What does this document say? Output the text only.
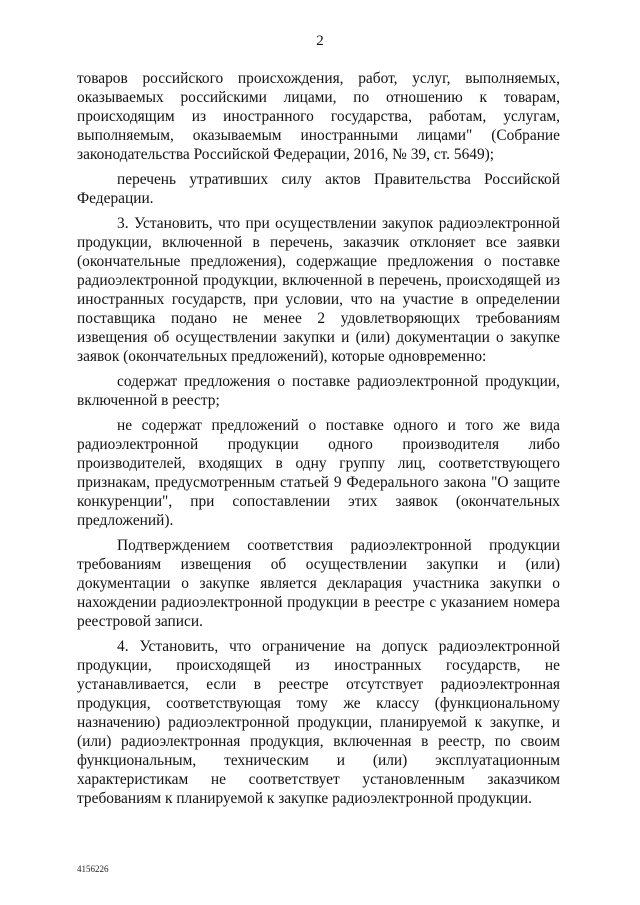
2

товаров российского происхождения, работ, услуг, выполняемых, оказываемых российскими лицами, по отношению к товарам, происходящим из иностранного государства, работам, услугам, выполняемым, оказываемым иностранными лицами" (Собрание законодательства Российской Федерации, 2016, № 39, ст. 5649);

перечень утративших силу актов Правительства Российской Федерации.

3. Установить, что при осуществлении закупок радиоэлектронной продукции, включенной в перечень, заказчик отклоняет все заявки (окончательные предложения), содержащие предложения о поставке радиоэлектронной продукции, включенной в перечень, происходящей из иностранных государств, при условии, что на участие в определении поставщика подано не менее 2 удовлетворяющих требованиям извещения об осуществлении закупки и (или) документации о закупке заявок (окончательных предложений), которые одновременно:

содержат предложения о поставке радиоэлектронной продукции, включенной в реестр;

не содержат предложений о поставке одного и того же вида радиоэлектронной продукции одного производителя либо производителей, входящих в одну группу лиц, соответствующего признакам, предусмотренным статьей 9 Федерального закона "О защите конкуренции", при сопоставлении этих заявок (окончательных предложений).

Подтверждением соответствия радиоэлектронной продукции требованиям извещения об осуществлении закупки и (или) документации о закупке является декларация участника закупки о нахождении радиоэлектронной продукции в реестре с указанием номера реестровой записи.

4. Установить, что ограничение на допуск радиоэлектронной продукции, происходящей из иностранных государств, не устанавливается, если в реестре отсутствует радиоэлектронная продукция, соответствующая тому же классу (функциональному назначению) радиоэлектронной продукции, планируемой к закупке, и (или) радиоэлектронная продукция, включенная в реестр, по своим функциональным, техническим и (или) эксплуатационным характеристикам не соответствует установленным заказчиком требованиям к планируемой к закупке радиоэлектронной продукции.

4156226
